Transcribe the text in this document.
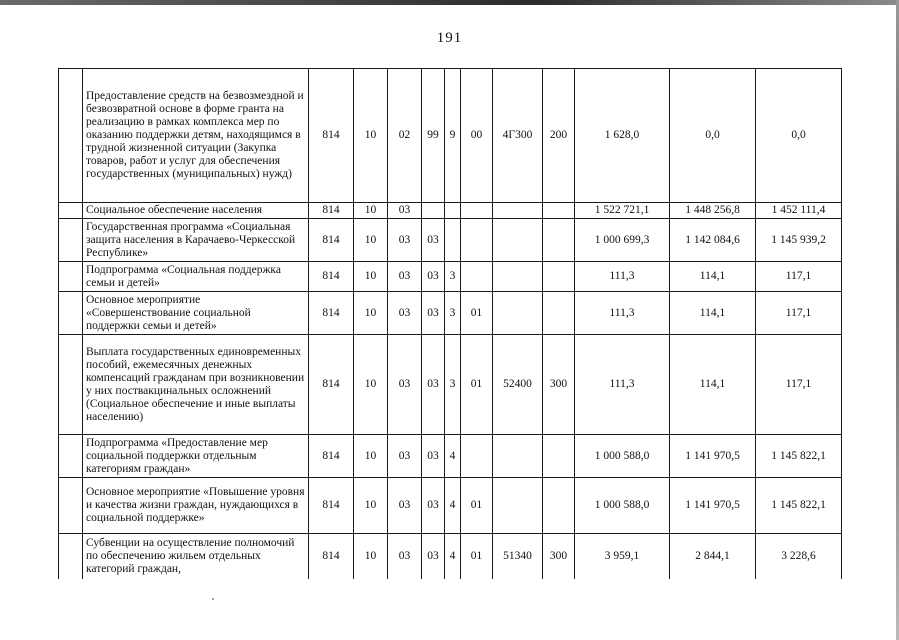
191
	Предоставление средств на безвозмездной и безвозвратной основе в форме гранта на реализацию в рамках комплекса мер по оказанию поддержки детям, находящимся в трудной жизненной ситуации (Закупка товаров, работ и услуг для обеспечения государственных (муниципальных) нужд)	814	10	02	99	9	00	4Г300	200	1 628,0	0,0	0,0
	Социальное обеспечение населения	814	10	03						1 522 721,1	1 448 256,8	1 452 111,4
	Государственная программа «Социальная защита населения в Карачаево-Черкесской Республике»	814	10	03	03					1 000 699,3	1 142 084,6	1 145 939,2
	Подпрограмма «Социальная поддержка семьи и детей»	814	10	03	03	3				111,3	114,1	117,1
	Основное мероприятие «Совершенствование социальной поддержки семьи и детей»	814	10	03	03	3	01			111,3	114,1	117,1
	Выплата государственных единовременных пособий, ежемесячных денежных компенсаций гражданам при возникновении у них поствакцинальных осложнений (Социальное обеспечение и иные выплаты населению)	814	10	03	03	3	01	52400	300	111,3	114,1	117,1
	Подпрограмма «Предоставление мер социальной поддержки отдельным категориям граждан»	814	10	03	03	4				1 000 588,0	1 141 970,5	1 145 822,1
	Основное мероприятие «Повышение уровня и качества жизни граждан, нуждающихся в социальной поддержке»	814	10	03	03	4	01			1 000 588,0	1 141 970,5	1 145 822,1
	Субвенции на осуществление полномочий по обеспечению жильем отдельных категорий граждан,	814	10	03	03	4	01	51340	300	3 959,1	2 844,1	3 228,6
